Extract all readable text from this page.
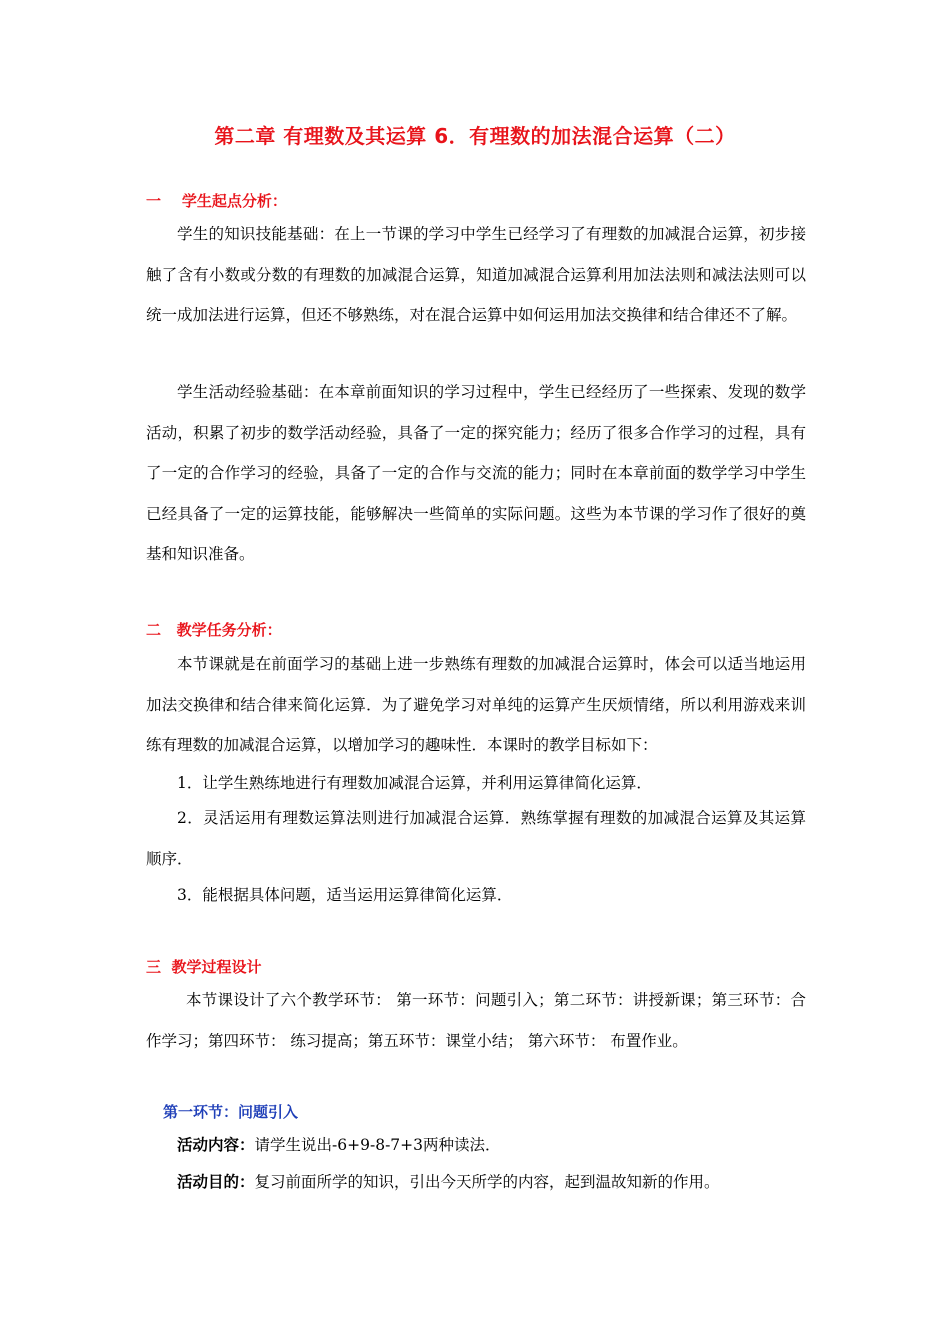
第二章 有理数及其运算 6．有理数的加法混合运算（二）
一    学生起点分析：

学生的知识技能基础：在上一节课的学习中学生已经学习了有理数的加减混合运算，初步接触了含有小数或分数的有理数的加减混合运算，知道加减混合运算利用加法法则和减法法则可以统一成加法进行运算，但还不够熟练，对在混合运算中如何运用加法交换律和结合律还不了解。

学生活动经验基础：在本章前面知识的学习过程中，学生已经经历了一些探索、发现的数学活动，积累了初步的数学活动经验，具备了一定的探究能力；经历了很多合作学习的过程，具有了一定的合作学习的经验，具备了一定的合作与交流的能力；同时在本章前面的数学学习中学生已经具备了一定的运算技能，能够解决一些简单的实际问题。这些为本节课的学习作了很好的奠基和知识准备。

二   教学任务分析：

本节课就是在前面学习的基础上进一步熟练有理数的加减混合运算时，体会可以适当地运用加法交换律和结合律来简化运算．为了避免学习对单纯的运算产生厌烦情绪，所以利用游戏来训练有理数的加减混合运算，以增加学习的趣味性．本课时的教学目标如下：

1．让学生熟练地进行有理数加减混合运算，并利用运算律简化运算．

2．灵活运用有理数运算法则进行加减混合运算．熟练掌握有理数的加减混合运算及其运算顺序．

3．能根据具体问题，适当运用运算律简化运算．

三  教学过程设计

本节课设计了六个教学环节： 第一环节：问题引入；第二环节：讲授新课；第三环节：合作学习；第四环节： 练习提高；第五环节：课堂小结； 第六环节： 布置作业。

第一环节：问题引入

活动内容：请学生说出-6+9-8-7+3两种读法．

活动目的：复习前面所学的知识，引出今天所学的内容，起到温故知新的作用。
